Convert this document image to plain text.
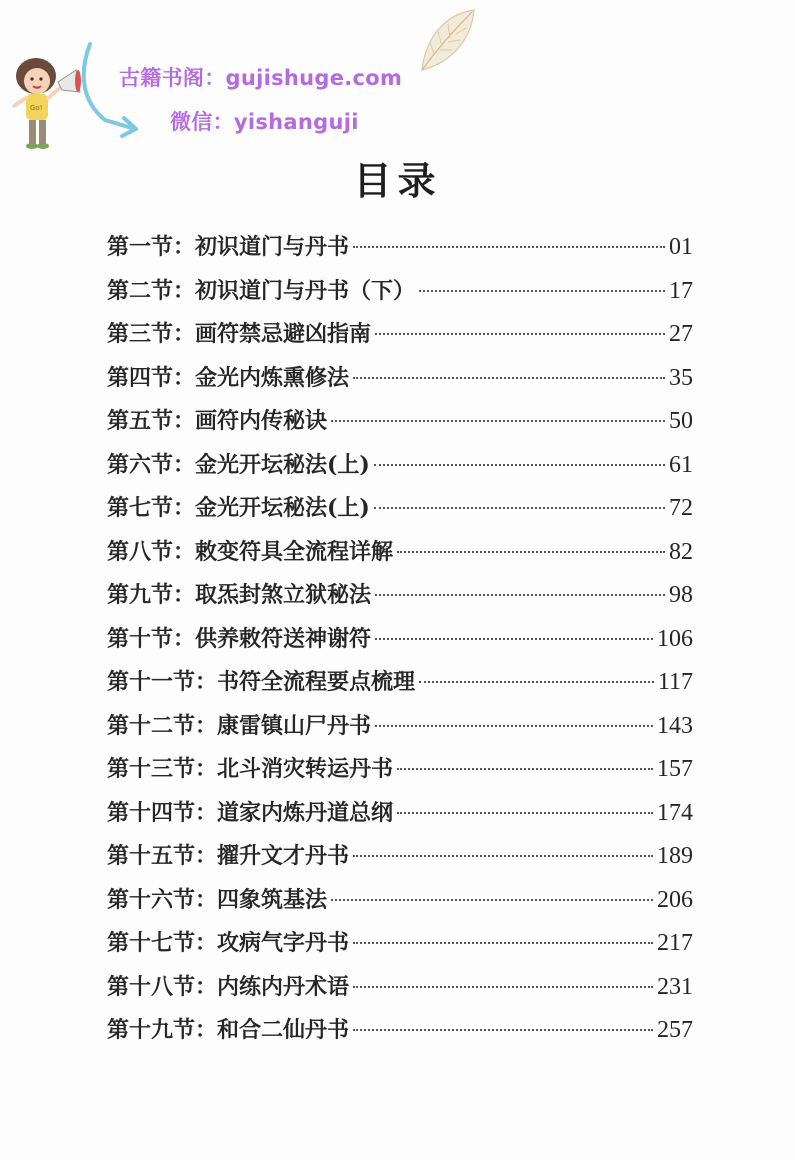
Go!
古籍书阁：gujishuge.com
微信：yishanguji
目录
第一节：初识道门与丹书	01
第二节：初识道门与丹书（下）	17
第三节：画符禁忌避凶指南	27
第四节：金光内炼熏修法	35
第五节：画符内传秘诀	50
第六节：金光开坛秘法(上)	61
第七节：金光开坛秘法(上)	72
第八节：敕变符具全流程详解	82
第九节：取炁封煞立狱秘法	98
第十节：供养敕符送神谢符	106
第十一节：书符全流程要点梳理	117
第十二节：康雷镇山尸丹书	143
第十三节：北斗消灾转运丹书	157
第十四节：道家内炼丹道总纲	174
第十五节：擢升文才丹书	189
第十六节：四象筑基法	206
第十七节：攻病气字丹书	217
第十八节：内练内丹术语	231
第十九节：和合二仙丹书	257
